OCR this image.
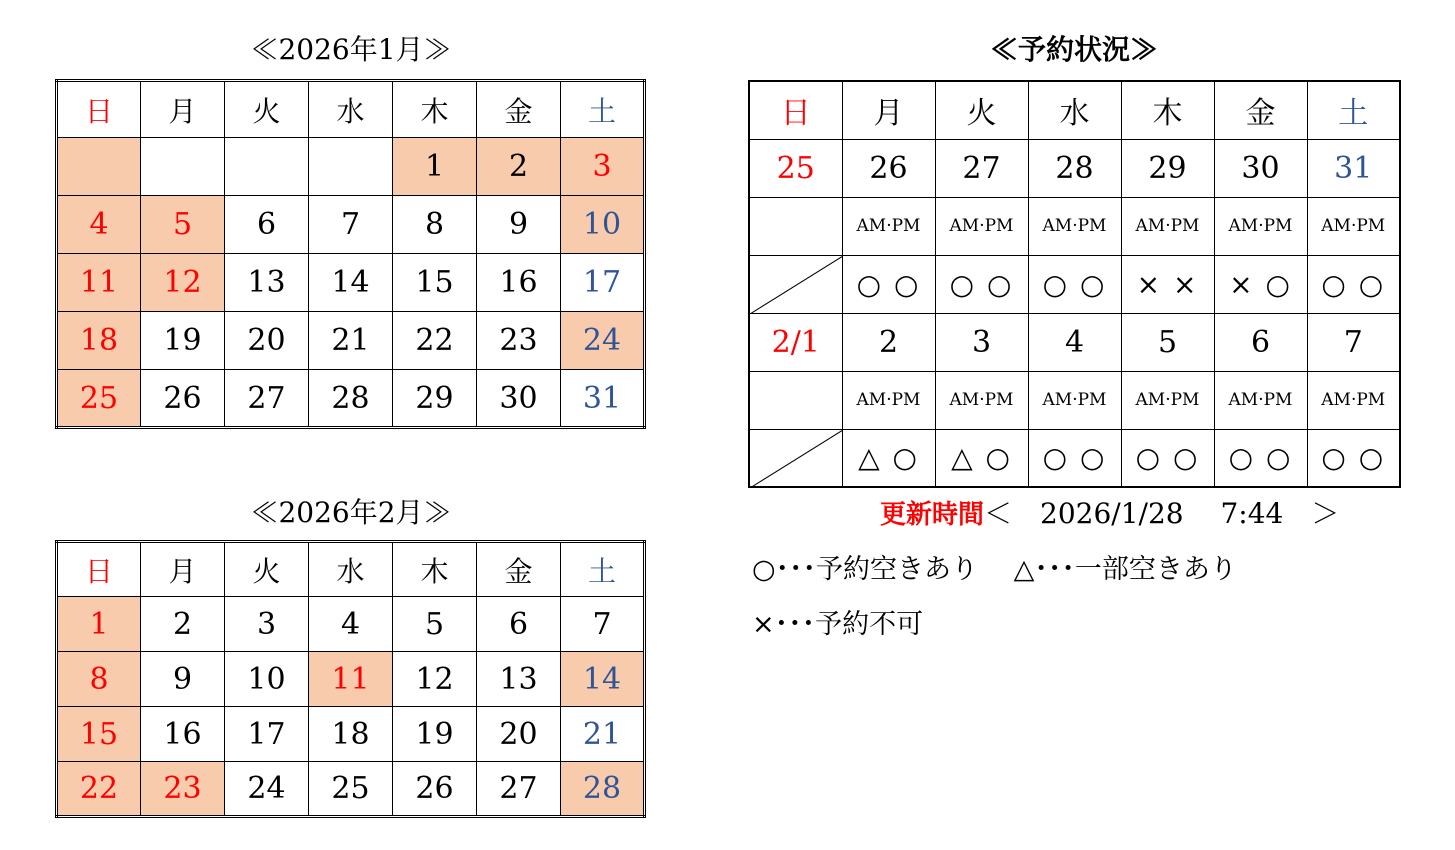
≪2026年1月≫
日	月	火	水	木	金	土
				1	2	3
4	5	6	7	8	9	10
11	12	13	14	15	16	17
18	19	20	21	22	23	24
25	26	27	28	29	30	31
≪2026年2月≫
日	月	火	水	木	金	土
1	2	3	4	5	6	7
8	9	10	11	12	13	14
15	16	17	18	19	20	21
22	23	24	25	26	27	28
≪予約状況≫
日	月	火	水	木	金	土
25	26	27	28	29	30	31
	AM·PM	AM·PM	AM·PM	AM·PM	AM·PM	AM·PM

	○ ○	○ ○	○ ○	× ×	× ○	○ ○
2/1	2	3	4	5	6	7
	AM·PM	AM·PM	AM·PM	AM·PM	AM·PM	AM·PM

	△ ○	△ ○	○ ○	○ ○	○ ○	○ ○
更新時間＜　2026/1/28　 7:44　＞
○･･･予約空きあり　 △･･･一部空きあり
×･･･予約不可
